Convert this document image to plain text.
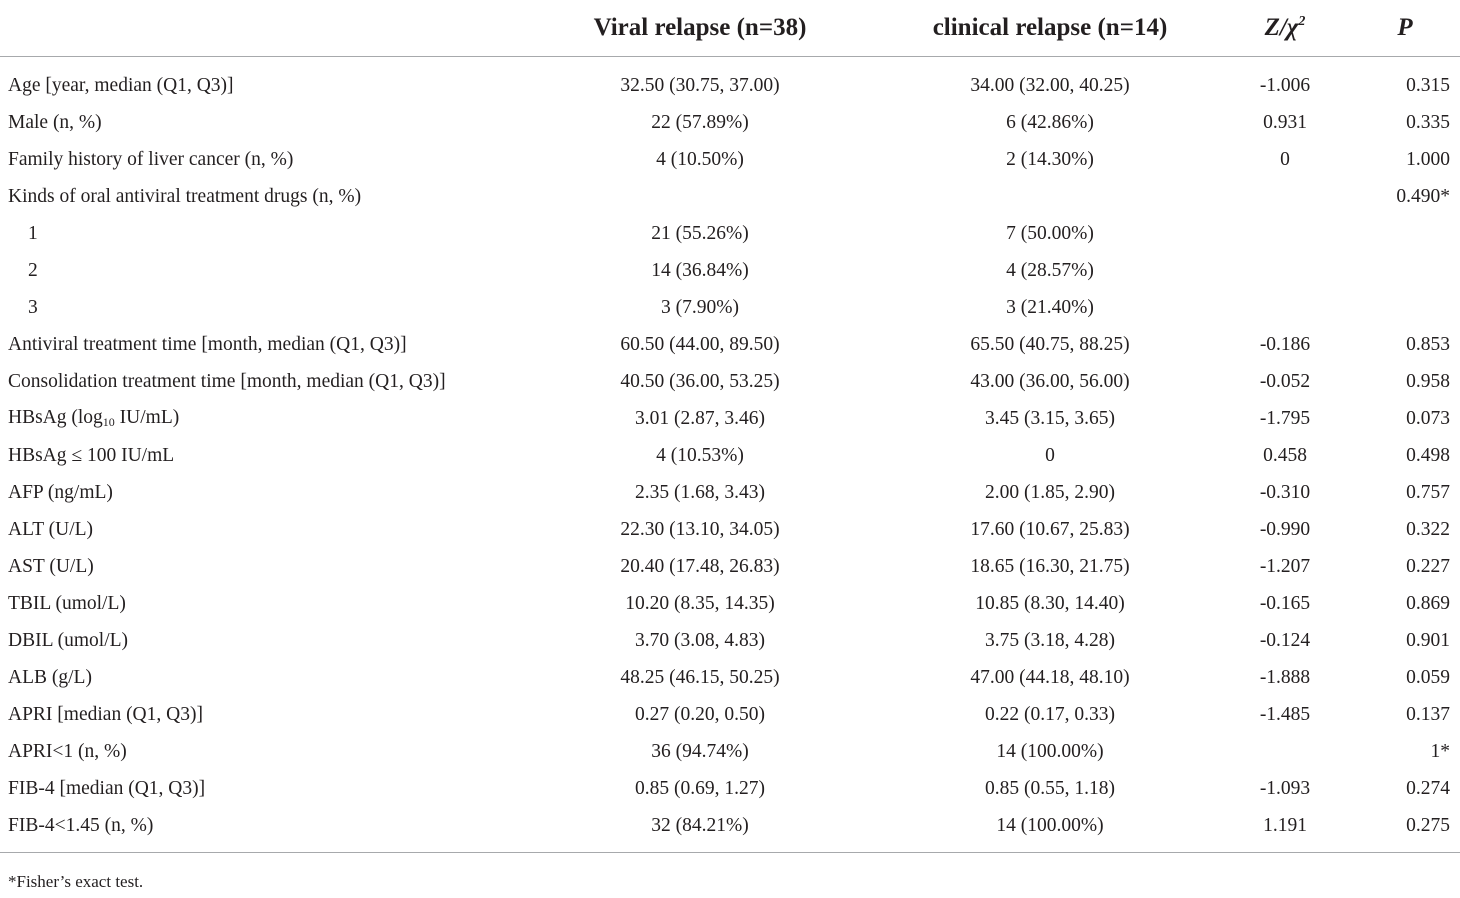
	Viral relapse (n=38)	clinical relapse (n=14)	$Z/\chi^2$	P
Age [year, median (Q1, Q3)]	32.50 (30.75, 37.00)	34.00 (32.00, 40.25)	-1.006	0.315
Male (n, %)	22 (57.89%)	6 (42.86%)	0.931	0.335
Family history of liver cancer (n, %)	4 (10.50%)	2 (14.30%)	0	1.000
Kinds of oral antiviral treatment drugs (n, %)				0.490*
1	21 (55.26%)	7 (50.00%)		
2	14 (36.84%)	4 (28.57%)		
3	3 (7.90%)	3 (21.40%)		
Antiviral treatment time [month, median (Q1, Q3)]	60.50 (44.00, 89.50)	65.50 (40.75, 88.25)	-0.186	0.853
Consolidation treatment time [month, median (Q1, Q3)]	40.50 (36.00, 53.25)	43.00 (36.00, 56.00)	-0.052	0.958
HBsAg ($\log_{10}$ IU/mL)	3.01 (2.87, 3.46)	3.45 (3.15, 3.65)	-1.795	0.073
HBsAg ≤ 100 IU/mL	4 (10.53%)	0	0.458	0.498
AFP (ng/mL)	2.35 (1.68, 3.43)	2.00 (1.85, 2.90)	-0.310	0.757
ALT (U/L)	22.30 (13.10, 34.05)	17.60 (10.67, 25.83)	-0.990	0.322
AST (U/L)	20.40 (17.48, 26.83)	18.65 (16.30, 21.75)	-1.207	0.227
TBIL (umol/L)	10.20 (8.35, 14.35)	10.85 (8.30, 14.40)	-0.165	0.869
DBIL (umol/L)	3.70 (3.08, 4.83)	3.75 (3.18, 4.28)	-0.124	0.901
ALB (g/L)	48.25 (46.15, 50.25)	47.00 (44.18, 48.10)	-1.888	0.059
APRI [median (Q1, Q3)]	0.27 (0.20, 0.50)	0.22 (0.17, 0.33)	-1.485	0.137
APRI<1 (n, %)	36 (94.74%)	14 (100.00%)		1*
FIB-4 [median (Q1, Q3)]	0.85 (0.69, 1.27)	0.85 (0.55, 1.18)	-1.093	0.274
FIB-4<1.45 (n, %)	32 (84.21%)	14 (100.00%)	1.191	0.275
*Fisher’s exact test.
